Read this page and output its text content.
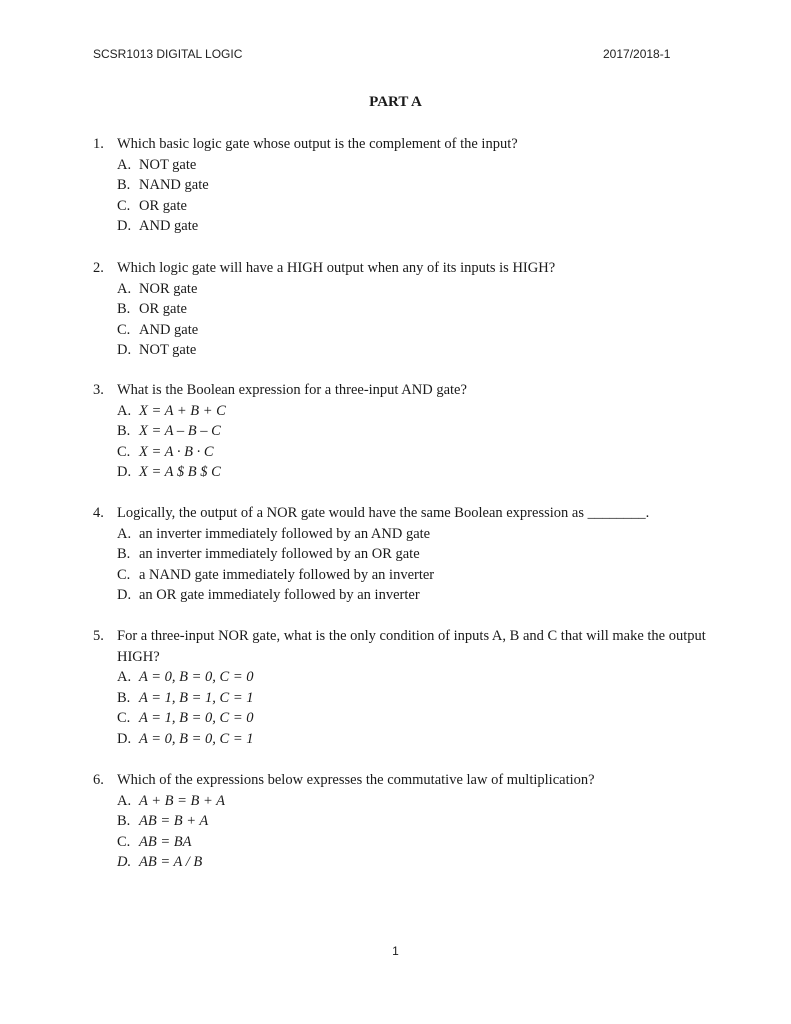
SCSR1013 DIGITAL LOGIC	2017/2018-1
PART A
1. Which basic logic gate whose output is the complement of the input?
A. NOT gate
B. NAND gate
C. OR gate
D. AND gate
2. Which logic gate will have a HIGH output when any of its inputs is HIGH?
A. NOR gate
B. OR gate
C. AND gate
D. NOT gate
3. What is the Boolean expression for a three-input AND gate?
A. X = A + B + C
B. X = A – B – C
C. X = A · B · C
D. X = A $ B $ C
4. Logically, the output of a NOR gate would have the same Boolean expression as ________.
A. an inverter immediately followed by an AND gate
B. an inverter immediately followed by an OR gate
C. a NAND gate immediately followed by an inverter
D. an OR gate immediately followed by an inverter
5. For a three-input NOR gate, what is the only condition of inputs A, B and C that will make the output HIGH?
A. A = 0, B = 0, C = 0
B. A = 1, B = 1, C = 1
C. A = 1, B = 0, C = 0
D. A = 0, B = 0, C = 1
6. Which of the expressions below expresses the commutative law of multiplication?
A. A + B = B + A
B. AB = B + A
C. AB = BA
D. AB = A / B
1
